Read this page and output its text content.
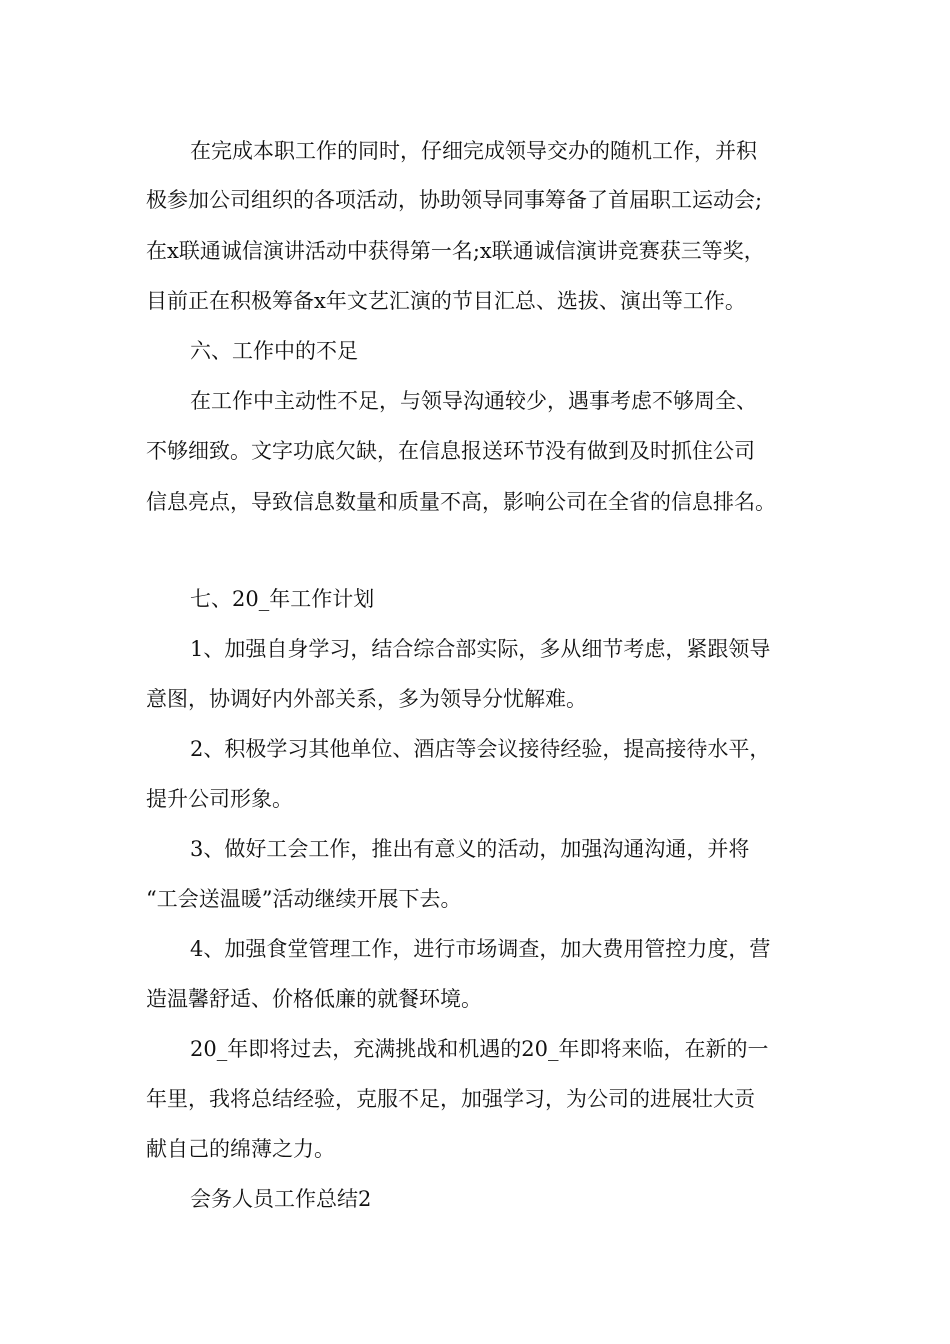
在完成本职工作的同时，仔细完成领导交办的随机工作，并积

极参加公司组织的各项活动，协助领导同事筹备了首届职工运动会;

在x联通诚信演讲活动中获得第一名;x联通诚信演讲竞赛获三等奖，

目前正在积极筹备x年文艺汇演的节目汇总、选拔、演出等工作。

六、工作中的不足

在工作中主动性不足，与领导沟通较少，遇事考虑不够周全、

不够细致。文字功底欠缺，在信息报送环节没有做到及时抓住公司

信息亮点，导致信息数量和质量不高，影响公司在全省的信息排名。

七、20_年工作计划

1、加强自身学习，结合综合部实际，多从细节考虑，紧跟领导

意图，协调好内外部关系，多为领导分忧解难。

2、积极学习其他单位、酒店等会议接待经验，提高接待水平，

提升公司形象。

3、做好工会工作，推出有意义的活动，加强沟通沟通，并将

“工会送温暖”活动继续开展下去。

4、加强食堂管理工作，进行市场调查，加大费用管控力度，营

造温馨舒适、价格低廉的就餐环境。

20_年即将过去，充满挑战和机遇的20_年即将来临，在新的一

年里，我将总结经验，克服不足，加强学习，为公司的进展壮大贡

献自己的绵薄之力。

会务人员工作总结2
